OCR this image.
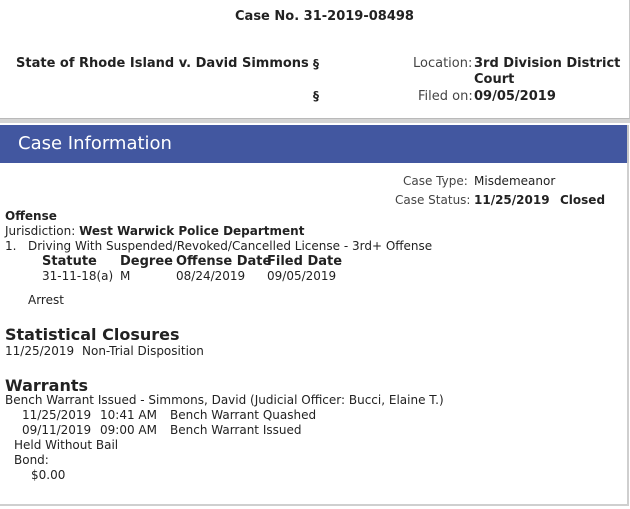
Case No. 31-2019-08498
State of Rhode Island v. David Simmons §
§
Location: 3rd Division District
Court
Filed on: 09/05/2019
Case Information
Case Type: Misdemeanor
Case Status: 11/25/2019 Closed
Offense
Jurisdiction: West Warwick Police Department
1. Driving With Suspended/Revoked/Cancelled License - 3rd+ Offense
Statute Degree Offense Date
Filed Date
31-11-18(a) M	08/24/2019 09/05/2019
Arrest
Statistical Closures
11/25/2019 Non-Trial Disposition
Warrants
Bench Warrant Issued - Simmons, David (Judicial Officer: Bucci, Elaine T.)
11/25/2019 10:41 AM Bench Warrant Quashed
09/11/2019 09:00 AM Bench Warrant Issued
Held Without Bail
Bond:
$0.00
